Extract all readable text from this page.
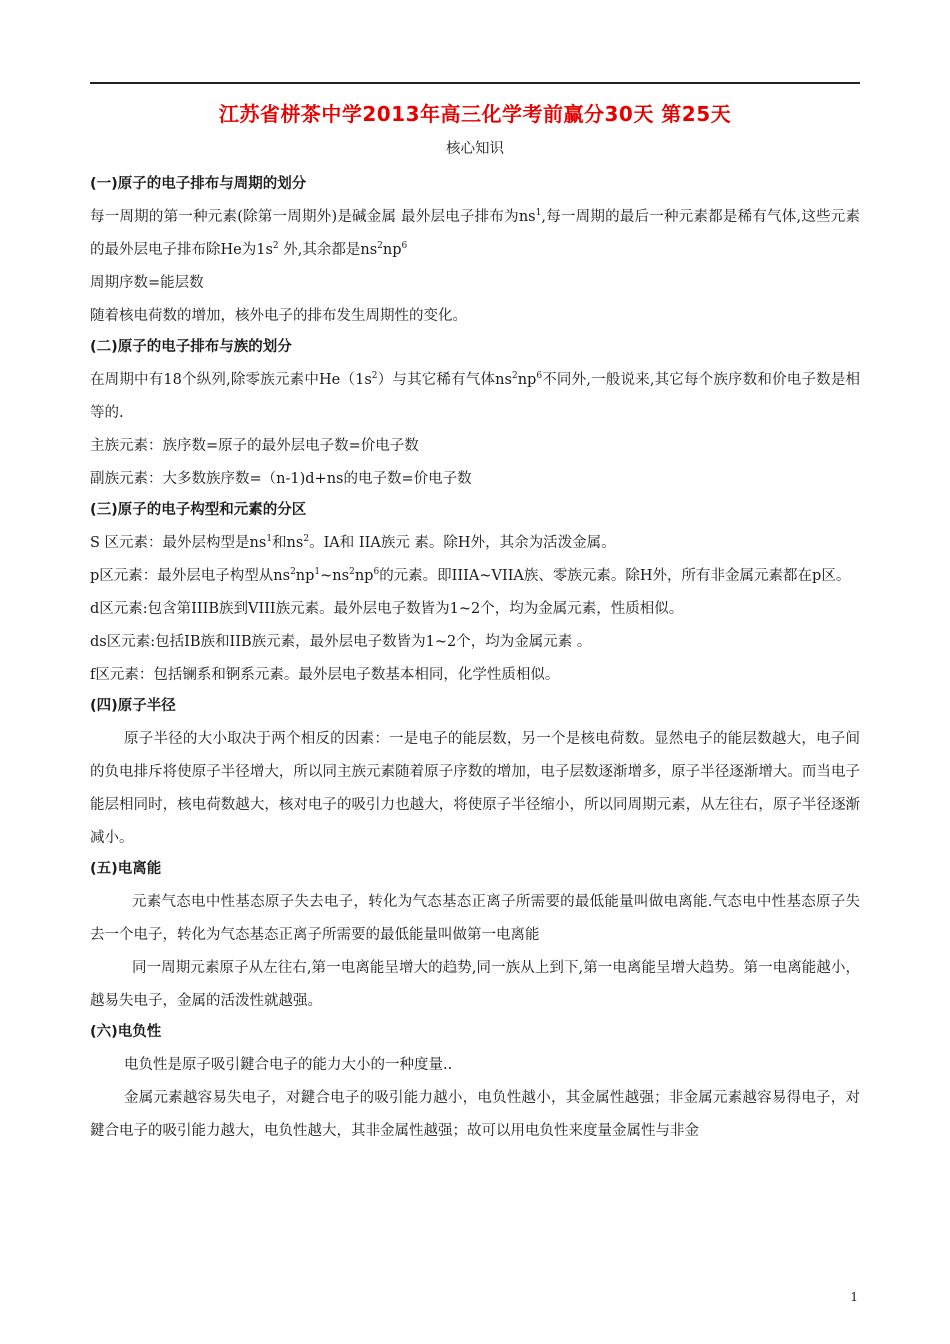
江苏省栟茶中学2013年高三化学考前赢分30天 第25天
核心知识
(一)原子的电子排布与周期的划分

每一周期的第一种元素(除第一周期外)是碱金属 最外层电子排布为$ns^1$,每一周期的最后一种元素都是稀有气体,这些元素的最外层电子排布除He为$1s^2$ 外,其余都是$ns^2np^6$

周期序数=能层数

随着核电荷数的增加，核外电子的排布发生周期性的变化。

(二)原子的电子排布与族的划分

在周期中有18个纵列,除零族元素中$He(1s^2)$与其它稀有气体$ns^2np^6$不同外,一般说来,其它每个族序数和价电子数是相等的.

主族元素：族序数=原子的最外层电子数=价电子数

副族元素：大多数族序数=（n-1)d+ns的电子数=价电子数

(三)原子的电子构型和元素的分区

S 区元素：最外层构型是$ns^1$和$ns^2$。IA和 IIA族元 素。除H外，其余为活泼金属。

p区元素：最外层电子构型从$ns^2np^1\sim ns^2np^6$的元素。即IIIA~VIIA族、零族元素。除H外，所有非金属元素都在p区。

d区元素:包含第IIIB族到VIII族元素。最外层电子数皆为1~2个，均为金属元素，性质相似。

ds区元素:包括IB族和IIB族元素，最外层电子数皆为1~2个，均为金属元素 。

f区元素：包括镧系和锕系元素。最外层电子数基本相同，化学性质相似。

(四)原子半径

原子半径的大小取决于两个相反的因素：一是电子的能层数，另一个是核电荷数。显然电子的能层数越大，电子间的负电排斥将使原子半径增大，所以同主族元素随着原子序数的增加，电子层数逐渐增多，原子半径逐渐增大。而当电子能层相同时，核电荷数越大，核对电子的吸引力也越大，将使原子半径缩小，所以同周期元素，从左往右，原子半径逐渐减小。

(五)电离能

元素气态电中性基态原子失去电子，转化为气态基态正离子所需要的最低能量叫做电离能.气态电中性基态原子失去一个电子，转化为气态基态正离子所需要的最低能量叫做第一电离能

同一周期元素原子从左往右,第一电离能呈增大的趋势,同一族从上到下,第一电离能呈增大趋势。第一电离能越小，越易失电子，金属的活泼性就越强。

(六)电负性

电负性是原子吸引鍵合电子的能力大小的一种度量..

金属元素越容易失电子，对鍵合电子的吸引能力越小，电负性越小，其金属性越强；非金属元素越容易得电子，对鍵合电子的吸引能力越大，电负性越大，其非金属性越强；故可以用电负性来度量金属性与非金

1
